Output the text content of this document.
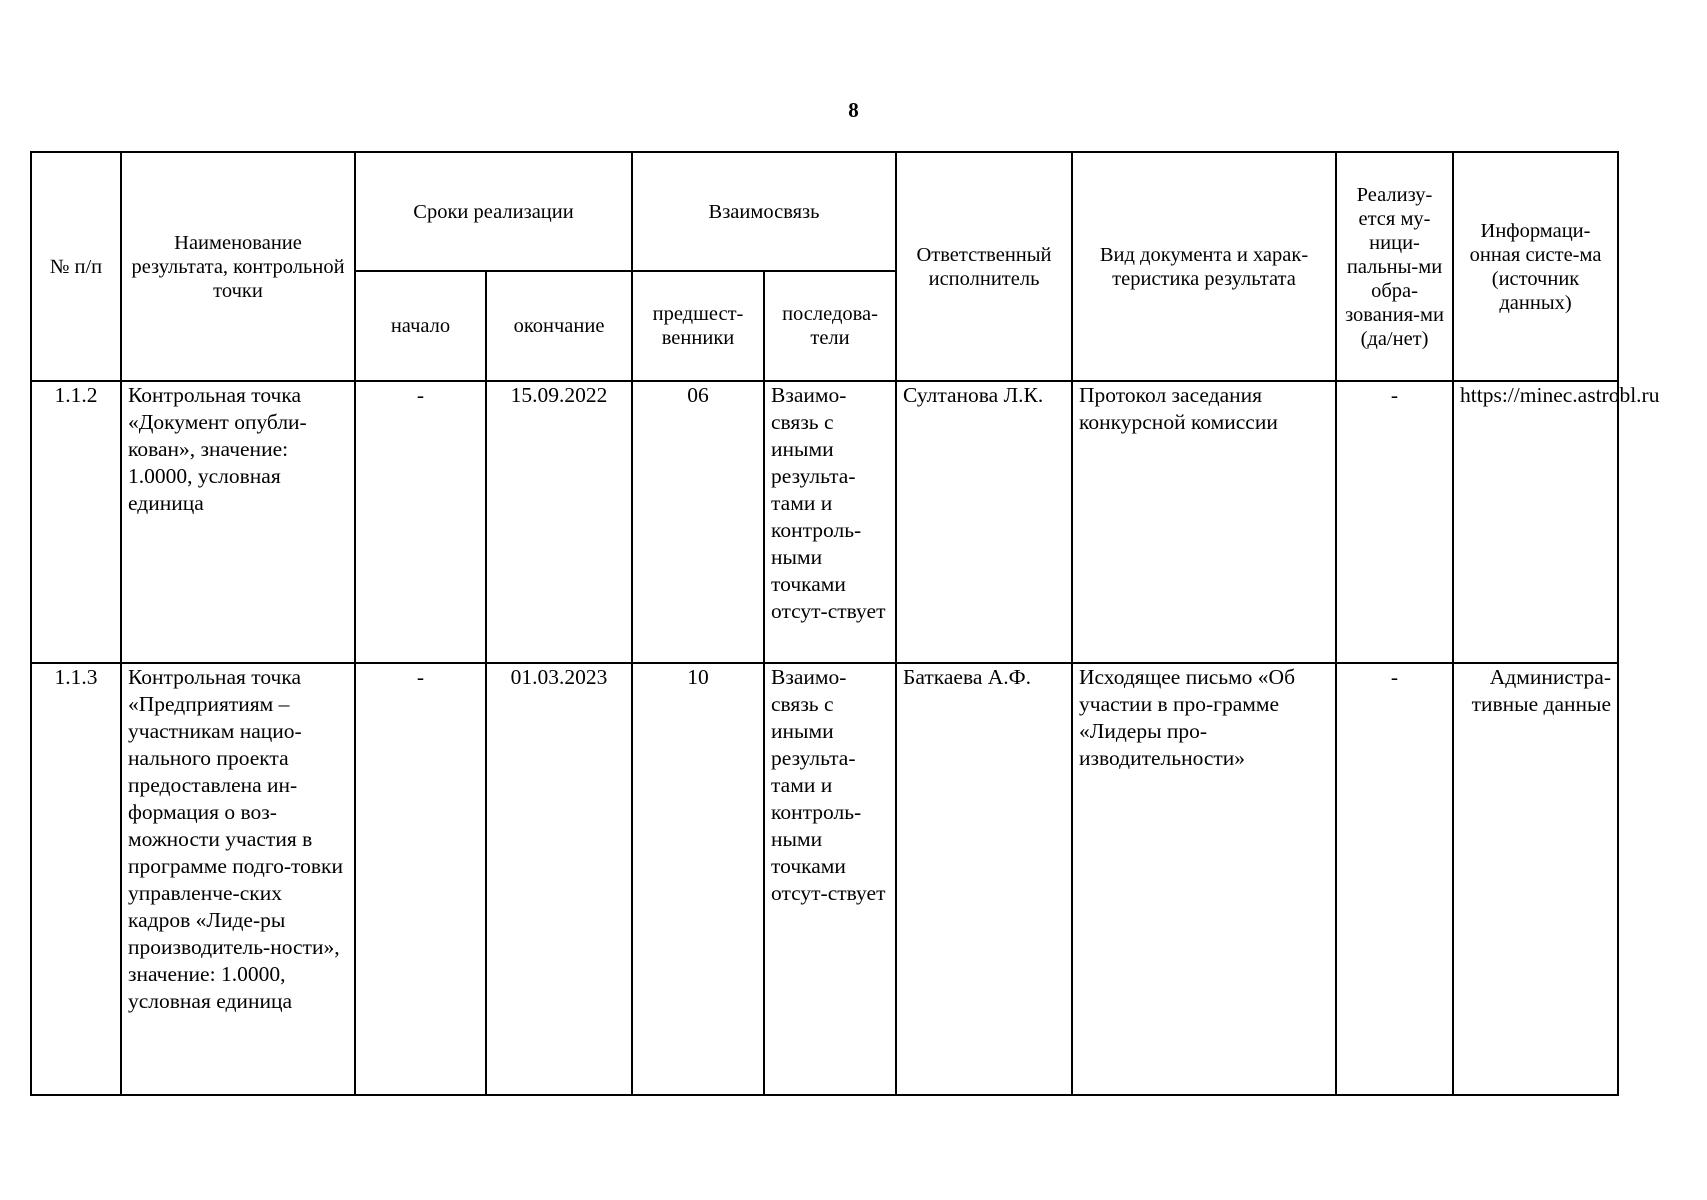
8
№ п/п	Наименование результата, контрольной точки	Сроки реализации		Взаимосвязь		Ответственный исполнитель	Вид документа и харак-теристика результата	Реализу-ется му-ници-пальны-ми обра-зования-ми (да/нет)	Информаци-онная систе-ма (источник данных)
		начало	окончание	предшест-венники	последова-тели				
1.1.2	Контрольная точка «Документ опубли-кован», значение: 1.0000, условная единица	-	15.09.2022	06	Взаимо-связь с иными результа-тами и контроль-ными точками отсут-ствует	Султанова Л.К.	Протокол заседания конкурсной комиссии	-	https://minec.astrobl.ru
1.1.3	Контрольная точка «Предприятиям – участникам нацио-нального проекта предоставлена ин-формация о воз-можности участия в программе подго-товки управленче-ских кадров «Лиде-ры производитель-ности», значение: 1.0000, условная единица	-	01.03.2023	10	Взаимо-связь с иными результа-тами и контроль-ными точками отсут-ствует	Баткаева А.Ф.	Исходящее письмо «Об участии в про-грамме «Лидеры про-изводительности»	-	Администра-тивные данные
